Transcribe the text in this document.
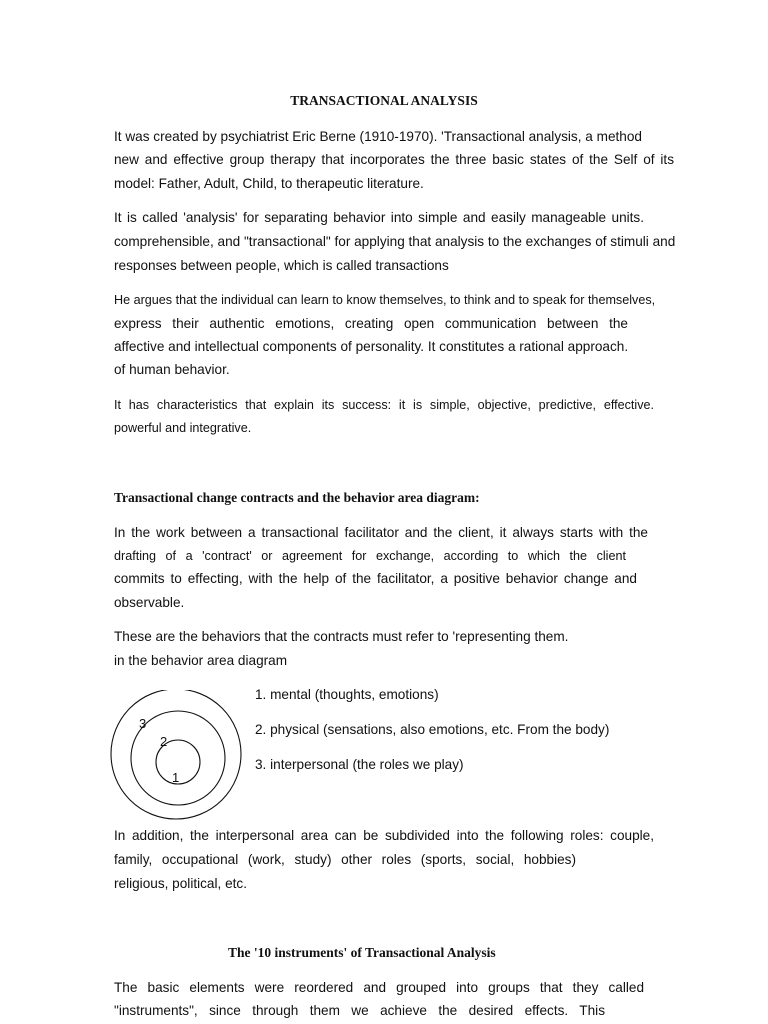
TRANSACTIONAL ANALYSIS
It was created by psychiatrist Eric Berne (1910-1970). 'Transactional analysis, a method
new and effective group therapy that incorporates the three basic states of the Self of its
model: Father, Adult, Child, to therapeutic literature.
It is called 'analysis' for separating behavior into simple and easily manageable units.
comprehensible, and "transactional" for applying that analysis to the exchanges of stimuli and
responses between people, which is called transactions
He argues that the individual can learn to know themselves, to think and to speak for themselves,
express their authentic emotions, creating open communication between the
affective and intellectual components of personality. It constitutes a rational approach.
of human behavior.
It has characteristics that explain its success: it is simple, objective, predictive, effective.
powerful and integrative.
Transactional change contracts and the behavior area diagram:
In the work between a transactional facilitator and the client, it always starts with the
drafting of a 'contract' or agreement for exchange, according to which the client
commits to effecting, with the help of the facilitator, a positive behavior change and
observable.
These are the behaviors that the contracts must refer to 'representing them.
in the behavior area diagram
1
2
3
1. mental (thoughts, emotions)
2. physical (sensations, also emotions, etc. From the body)
3. interpersonal (the roles we play)
In addition, the interpersonal area can be subdivided into the following roles: couple,
family, occupational (work, study) other roles (sports, social, hobbies)
religious, political, etc.
The '10 instruments' of Transactional Analysis
The basic elements were reordered and grouped into groups that they called
"instruments", since through them we achieve the desired effects. This
